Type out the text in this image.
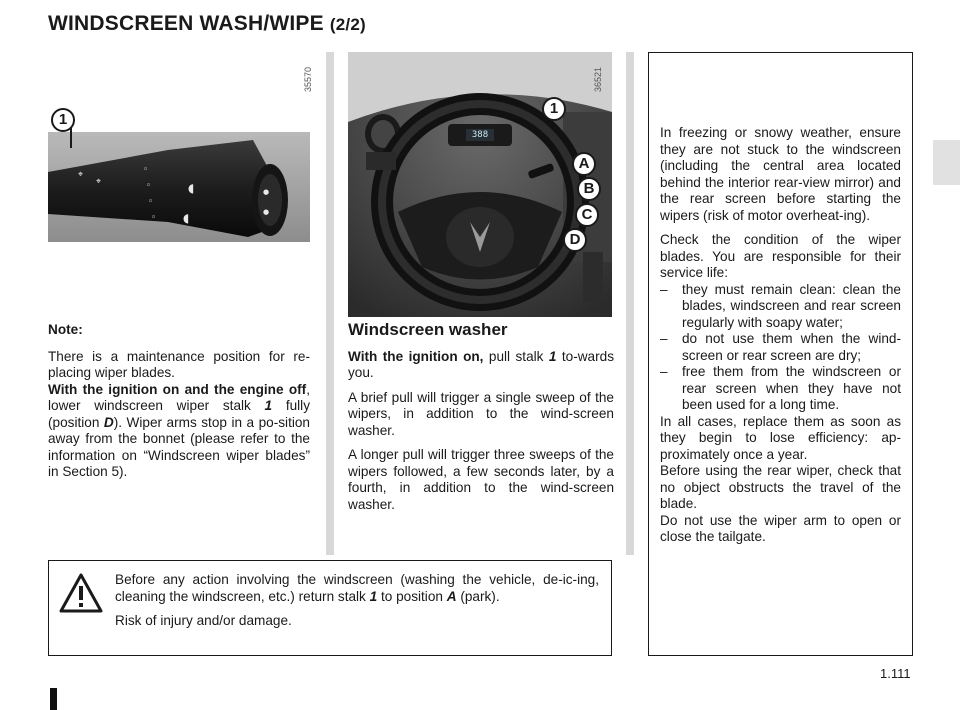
WINDSCREEN WASH/WIPE (2/2)
⌖
⌖
◦
◦
◦
◦
◖
◖
●
●
1
35570
388
1
A
B
C
D
36521

Note:

There is a maintenance position for re-placing wiper blades.

With the ignition on and the engine off, lower windscreen wiper stalk 1 fully (position D). Wiper arms stop in a po-sition away from the bonnet (please refer to the information on “Windscreen wiper blades” in Section 5).

Windscreen washer

With the ignition on, pull stalk 1 to-wards you.

A brief pull will trigger a single sweep of the wipers, in addition to the wind-screen washer.

A longer pull will trigger three sweeps of the wipers followed, a few seconds later, by a fourth, in addition to the wind-screen washer.

Before any action involving the windscreen (washing the vehicle, de-ic-ing, cleaning the windscreen, etc.) return stalk 1 to position A (park).

Risk of injury and/or damage.

In freezing or snowy weather, ensure they are not stuck to the windscreen (including the central area located behind the interior rear-view mirror) and the rear screen before starting the wipers (risk of motor overheat-ing).

Check the condition of the wiper blades. You are responsible for their service life:

– they must remain clean: clean the blades, windscreen and rear screen regularly with soapy water;
– do not use them when the wind-screen or rear screen are dry;
– free them from the windscreen or rear screen when they have not been used for a long time.

In all cases, replace them as soon as they begin to lose efficiency: ap-proximately once a year.

Before using the rear wiper, check that no object obstructs the travel of the blade.

Do not use the wiper arm to open or close the tailgate.

1.111
